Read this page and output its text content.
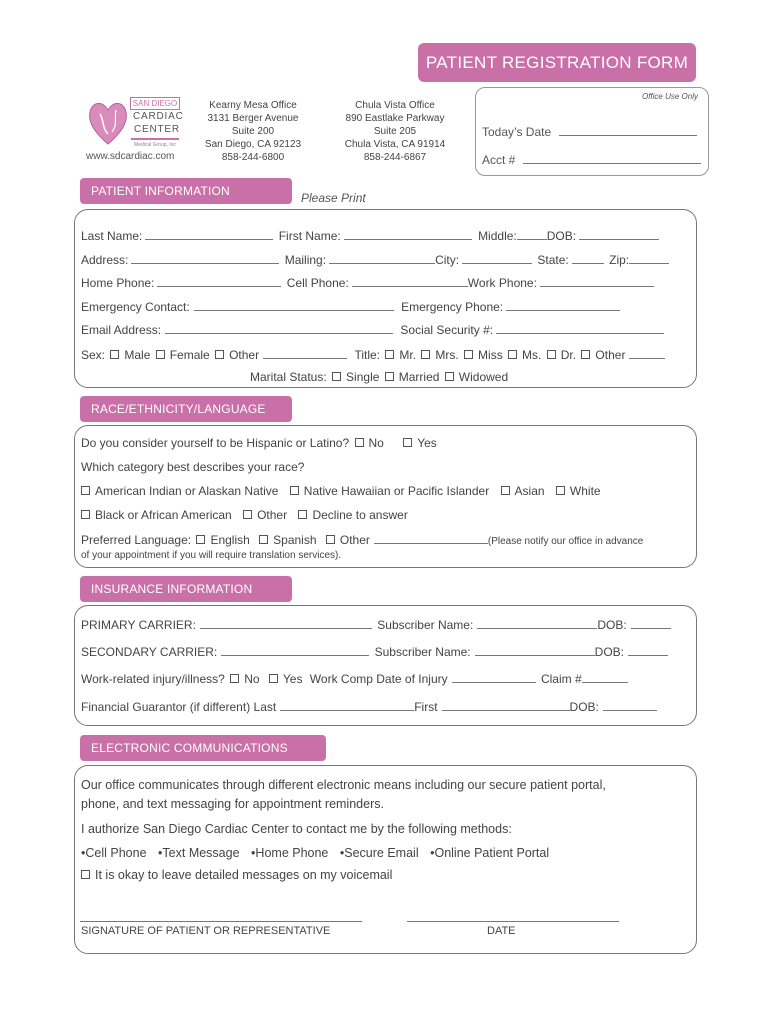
PATIENT REGISTRATION FORM
SAN DIEGO
CARDIAC
CENTER
Medical Group, Inc
www.sdcardiac.com
Kearny Mesa Office
3131 Berger Avenue
Suite 200
San Diego, CA 92123
858-244-6800
Chula Vista Office
890 Eastlake Parkway
Suite 205
Chula Vista, CA 91914
858-244-6867
Office Use Only
Today’s Date
Acct #
PATIENT INFORMATION	Please Print
Last Name:	First Name:	Middle:	DOB:
Address:	Mailing:	City:	State:	Zip:
Home Phone:	Cell Phone:	Work Phone:
Emergency Contact:	Emergency Phone:
Email Address:	Social Security #:
Sex: Male Female Other	Title: Mr. Mrs. Miss Ms. Dr. Other
Marital Status: Single Married Widowed
RACE/ETHNICITY/LANGUAGE
Do you consider yourself to be Hispanic or Latino? No	Yes
Which category best describes your race?
American Indian or Alaskan Native Native Hawaiian or Pacific Islander Asian White
Black or African American Other Decline to answer
Preferred Language: English Spanish Other	(Please notify our office in advance
of your appointment if you will require translation services).
INSURANCE INFORMATION
PRIMARY CARRIER:	Subscriber Name:	DOB:
SECONDARY CARRIER:	Subscriber Name:	DOB:
Work-related injury/illness? No Yes Work Comp Date of Injury	Claim #
Financial Guarantor (if different) Last	First	DOB:
ELECTRONIC COMMUNICATIONS
Our office communicates through different electronic means including our secure patient portal,
phone, and text messaging for appointment reminders.
I authorize San Diego Cardiac Center to contact me by the following methods:
•Cell Phone •Text Message •Home Phone •Secure Email •Online Patient Portal
It is okay to leave detailed messages on my voicemail
SIGNATURE OF PATIENT OR REPRESENTATIVE	DATE
